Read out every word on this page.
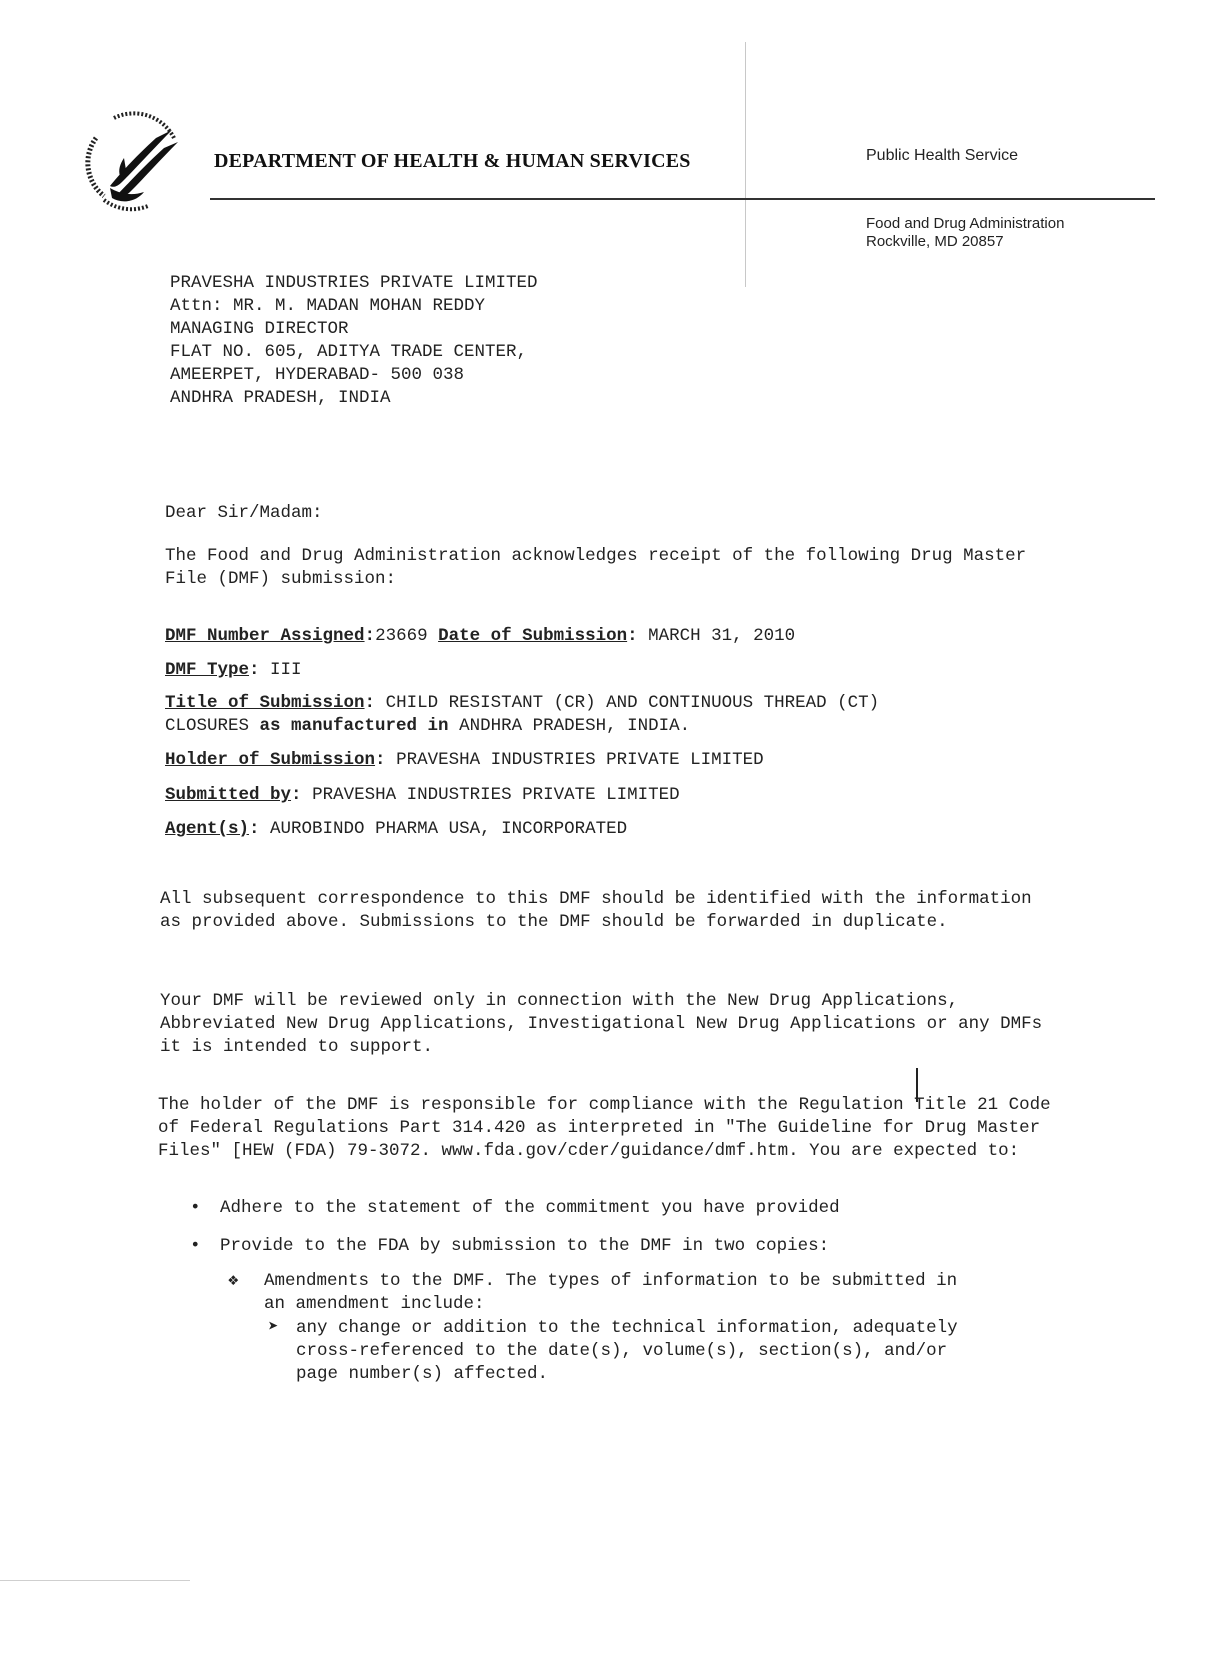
DEPARTMENT OF HEALTH & HUMAN SERVICES	Public Health Service
Food and Drug Administration
Rockville, MD 20857
PRAVESHA INDUSTRIES PRIVATE LIMITED
Attn: MR. M. MADAN MOHAN REDDY
MANAGING DIRECTOR
FLAT NO. 605, ADITYA TRADE CENTER,
AMEERPET, HYDERABAD- 500 038
ANDHRA PRADESH, INDIA
Dear Sir/Madam:
The Food and Drug Administration acknowledges receipt of the following Drug Master File (DMF) submission:
DMF Number Assigned:23669 Date of Submission: MARCH 31, 2010
DMF Type: III
Title of Submission: CHILD RESISTANT (CR) AND CONTINUOUS THREAD (CT)
CLOSURES as manufactured in ANDHRA PRADESH, INDIA.
Holder of Submission: PRAVESHA INDUSTRIES PRIVATE LIMITED
Submitted by: PRAVESHA INDUSTRIES PRIVATE LIMITED
Agent(s): AUROBINDO PHARMA USA, INCORPORATED
All subsequent correspondence to this DMF should be identified with the information as provided above. Submissions to the DMF should be forwarded in duplicate.
Your DMF will be reviewed only in connection with the New Drug Applications, Abbreviated New Drug Applications, Investigational New Drug Applications or any DMFs it is intended to support.
The holder of the DMF is responsible for compliance with the Regulation Title 21 Code of Federal Regulations Part 314.420 as interpreted in "The Guideline for Drug Master Files" [HEW (FDA) 79-3072. www.fda.gov/cder/guidance/dmf.htm. You are expected to:
• Adhere to the statement of the commitment you have provided
• Provide to the FDA by submission to the DMF in two copies:
❖ Amendments to the DMF. The types of information to be submitted in an amendment include:
➤ any change or addition to the technical information, adequately cross-referenced to the date(s), volume(s), section(s), and/or page number(s) affected.
